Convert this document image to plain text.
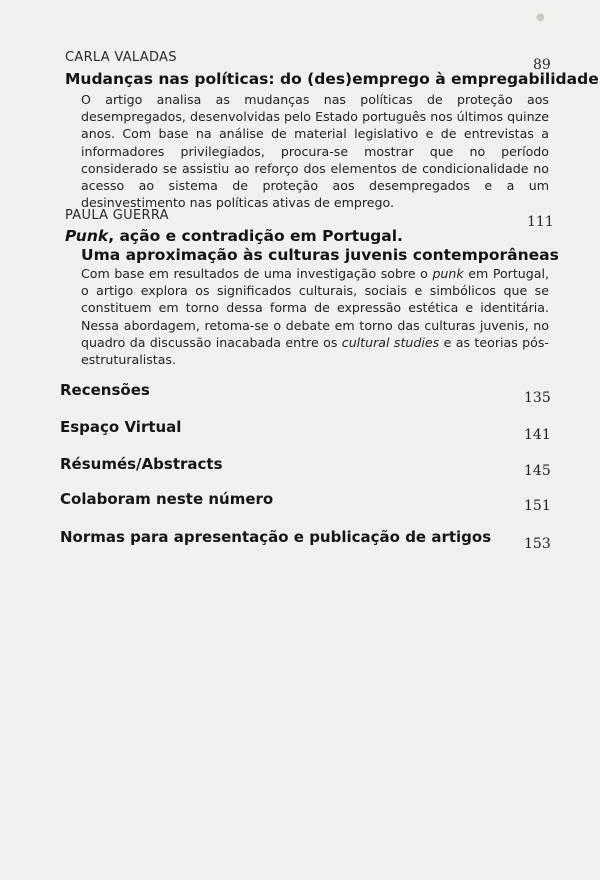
●
CARLA VALADAS	89
Mudanças nas políticas: do (des)emprego à empregabilidade
O artigo analisa as mudanças nas políticas de proteção aos desempregados, desenvolvidas pelo Estado português nos últimos quinze anos. Com base na análise de material legislativo e de entrevistas a informadores privilegiados, procura-se mostrar que no período considerado se assistiu ao reforço dos elementos de condicionalidade no acesso ao sistema de proteção aos desempregados e a um desinvestimento nas políticas ativas de emprego.
PAULA GUERRA	111
Punk, ação e contradição em Portugal.
Uma aproximação às culturas juvenis contemporâneas
Com base em resultados de uma investigação sobre o punk em Portugal, o artigo explora os significados culturais, sociais e simbólicos que se constituem em torno dessa forma de expressão estética e identitária. Nessa abordagem, retoma-se o debate em torno das culturas juvenis, no quadro da discussão inacabada entre os cultural studies e as teorias pós-estruturalistas.
Recensões	135
Espaço Virtual	141
Résumés/Abstracts	145
Colaboram neste número	151
Normas para apresentação e publicação de artigos 153
